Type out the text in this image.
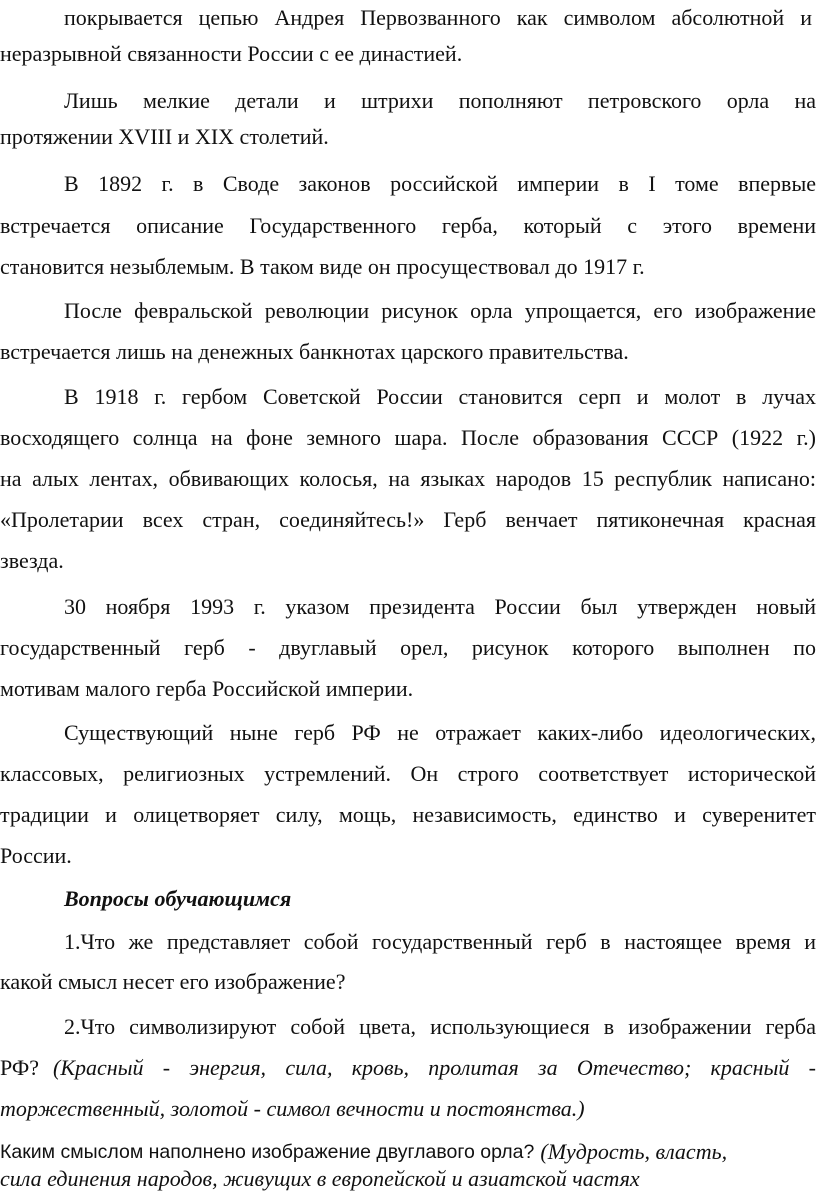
покрывается цепью Андрея Первозванного как символом абсолютной и
неразрывной связанности России с ее династией.
Лишь мелкие детали и штрихи пополняют петровского орла на
протяжении XVIII и XIX столетий.
В 1892 г. в Своде законов российской империи в I томе впервые
встречается описание Государственного герба, который с этого времени
становится незыблемым. В таком виде он просуществовал до 1917 г.
После февральской революции рисунок орла упрощается, его изображение
встречается лишь на денежных банкнотах царского правительства.
В 1918 г. гербом Советской России становится серп и молот в лучах
восходящего солнца на фоне земного шара. После образования СССР (1922 г.)
на алых лентах, обвивающих колосья, на языках народов 15 республик написано:
«Пролетарии всех стран, соединяйтесь!» Герб венчает пятиконечная красная
звезда.
30 ноября 1993 г. указом президента России был утвержден новый
государственный герб - двуглавый орел, рисунок которого выполнен по
мотивам малого герба Российской империи.
Существующий ныне герб РФ не отражает каких-либо идеологических,
классовых, религиозных устремлений. Он строго соответствует исторической
традиции и олицетворяет силу, мощь, независимость, единство и суверенитет
России.
Вопросы обучающимся
1.Что же представляет собой государственный герб в настоящее время и
какой смысл несет его изображение?
2.Что символизируют собой цвета, использующиеся в изображении герба
РФ? (Красный - энергия, сила, кровь, пролитая за Отечество; красный -
торжественный, золотой - символ вечности и постоянства.)
Каким смыслом наполнено изображение двуглавого орла? (Мудрость, власть,
сила единения народов, живущих в европейской и азиатской частях
